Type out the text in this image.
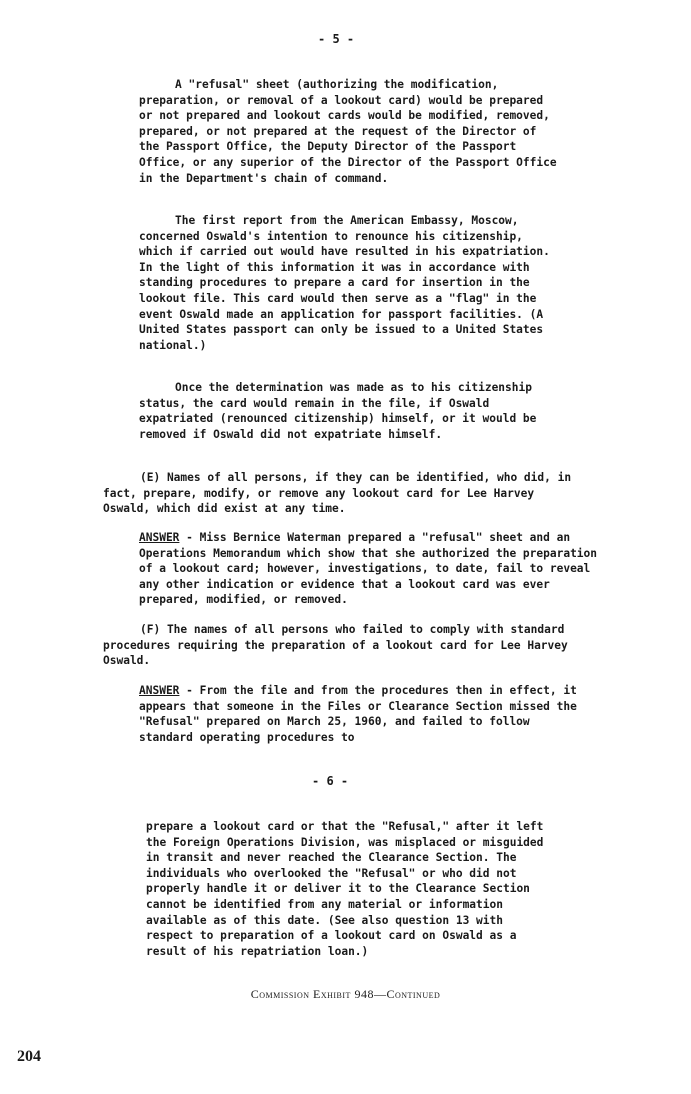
- 5 -

A "refusal" sheet (authorizing the modification, preparation, or removal of a lookout card) would be prepared or not prepared and lookout cards would be modified, removed, prepared, or not prepared at the request of the Director of the Passport Office, the Deputy Director of the Passport Office, or any superior of the Director of the Passport Office in the Department's chain of command.

The first report from the American Embassy, Moscow, concerned Oswald's intention to renounce his citizenship, which if carried out would have resulted in his expatriation. In the light of this information it was in accordance with standing procedures to prepare a card for insertion in the lookout file. This card would then serve as a "flag" in the event Oswald made an application for passport facilities. (A United States passport can only be issued to a United States national.)

Once the determination was made as to his citizenship status, the card would remain in the file, if Oswald expatriated (renounced citizenship) himself, or it would be removed if Oswald did not expatriate himself.

(E) Names of all persons, if they can be identified, who did, in fact, prepare, modify, or remove any lookout card for Lee Harvey Oswald, which did exist at any time.

ANSWER - Miss Bernice Waterman prepared a "refusal" sheet and an Operations Memorandum which show that she authorized the preparation of a lookout card; however, investigations, to date, fail to reveal any other indication or evidence that a lookout card was ever prepared, modified, or removed.

(F) The names of all persons who failed to comply with standard procedures requiring the preparation of a lookout card for Lee Harvey Oswald.

ANSWER - From the file and from the procedures then in effect, it appears that someone in the Files or Clearance Section missed the "Refusal" prepared on March 25, 1960, and failed to follow standard operating procedures to

- 6 -

prepare a lookout card or that the "Refusal," after it left the Foreign Operations Division, was misplaced or misguided in transit and never reached the Clearance Section. The individuals who overlooked the "Refusal" or who did not properly handle it or deliver it to the Clearance Section cannot be identified from any material or information available as of this date. (See also question 13 with respect to preparation of a lookout card on Oswald as a result of his repatriation loan.)

Commission Exhibit 948—Continued
204
